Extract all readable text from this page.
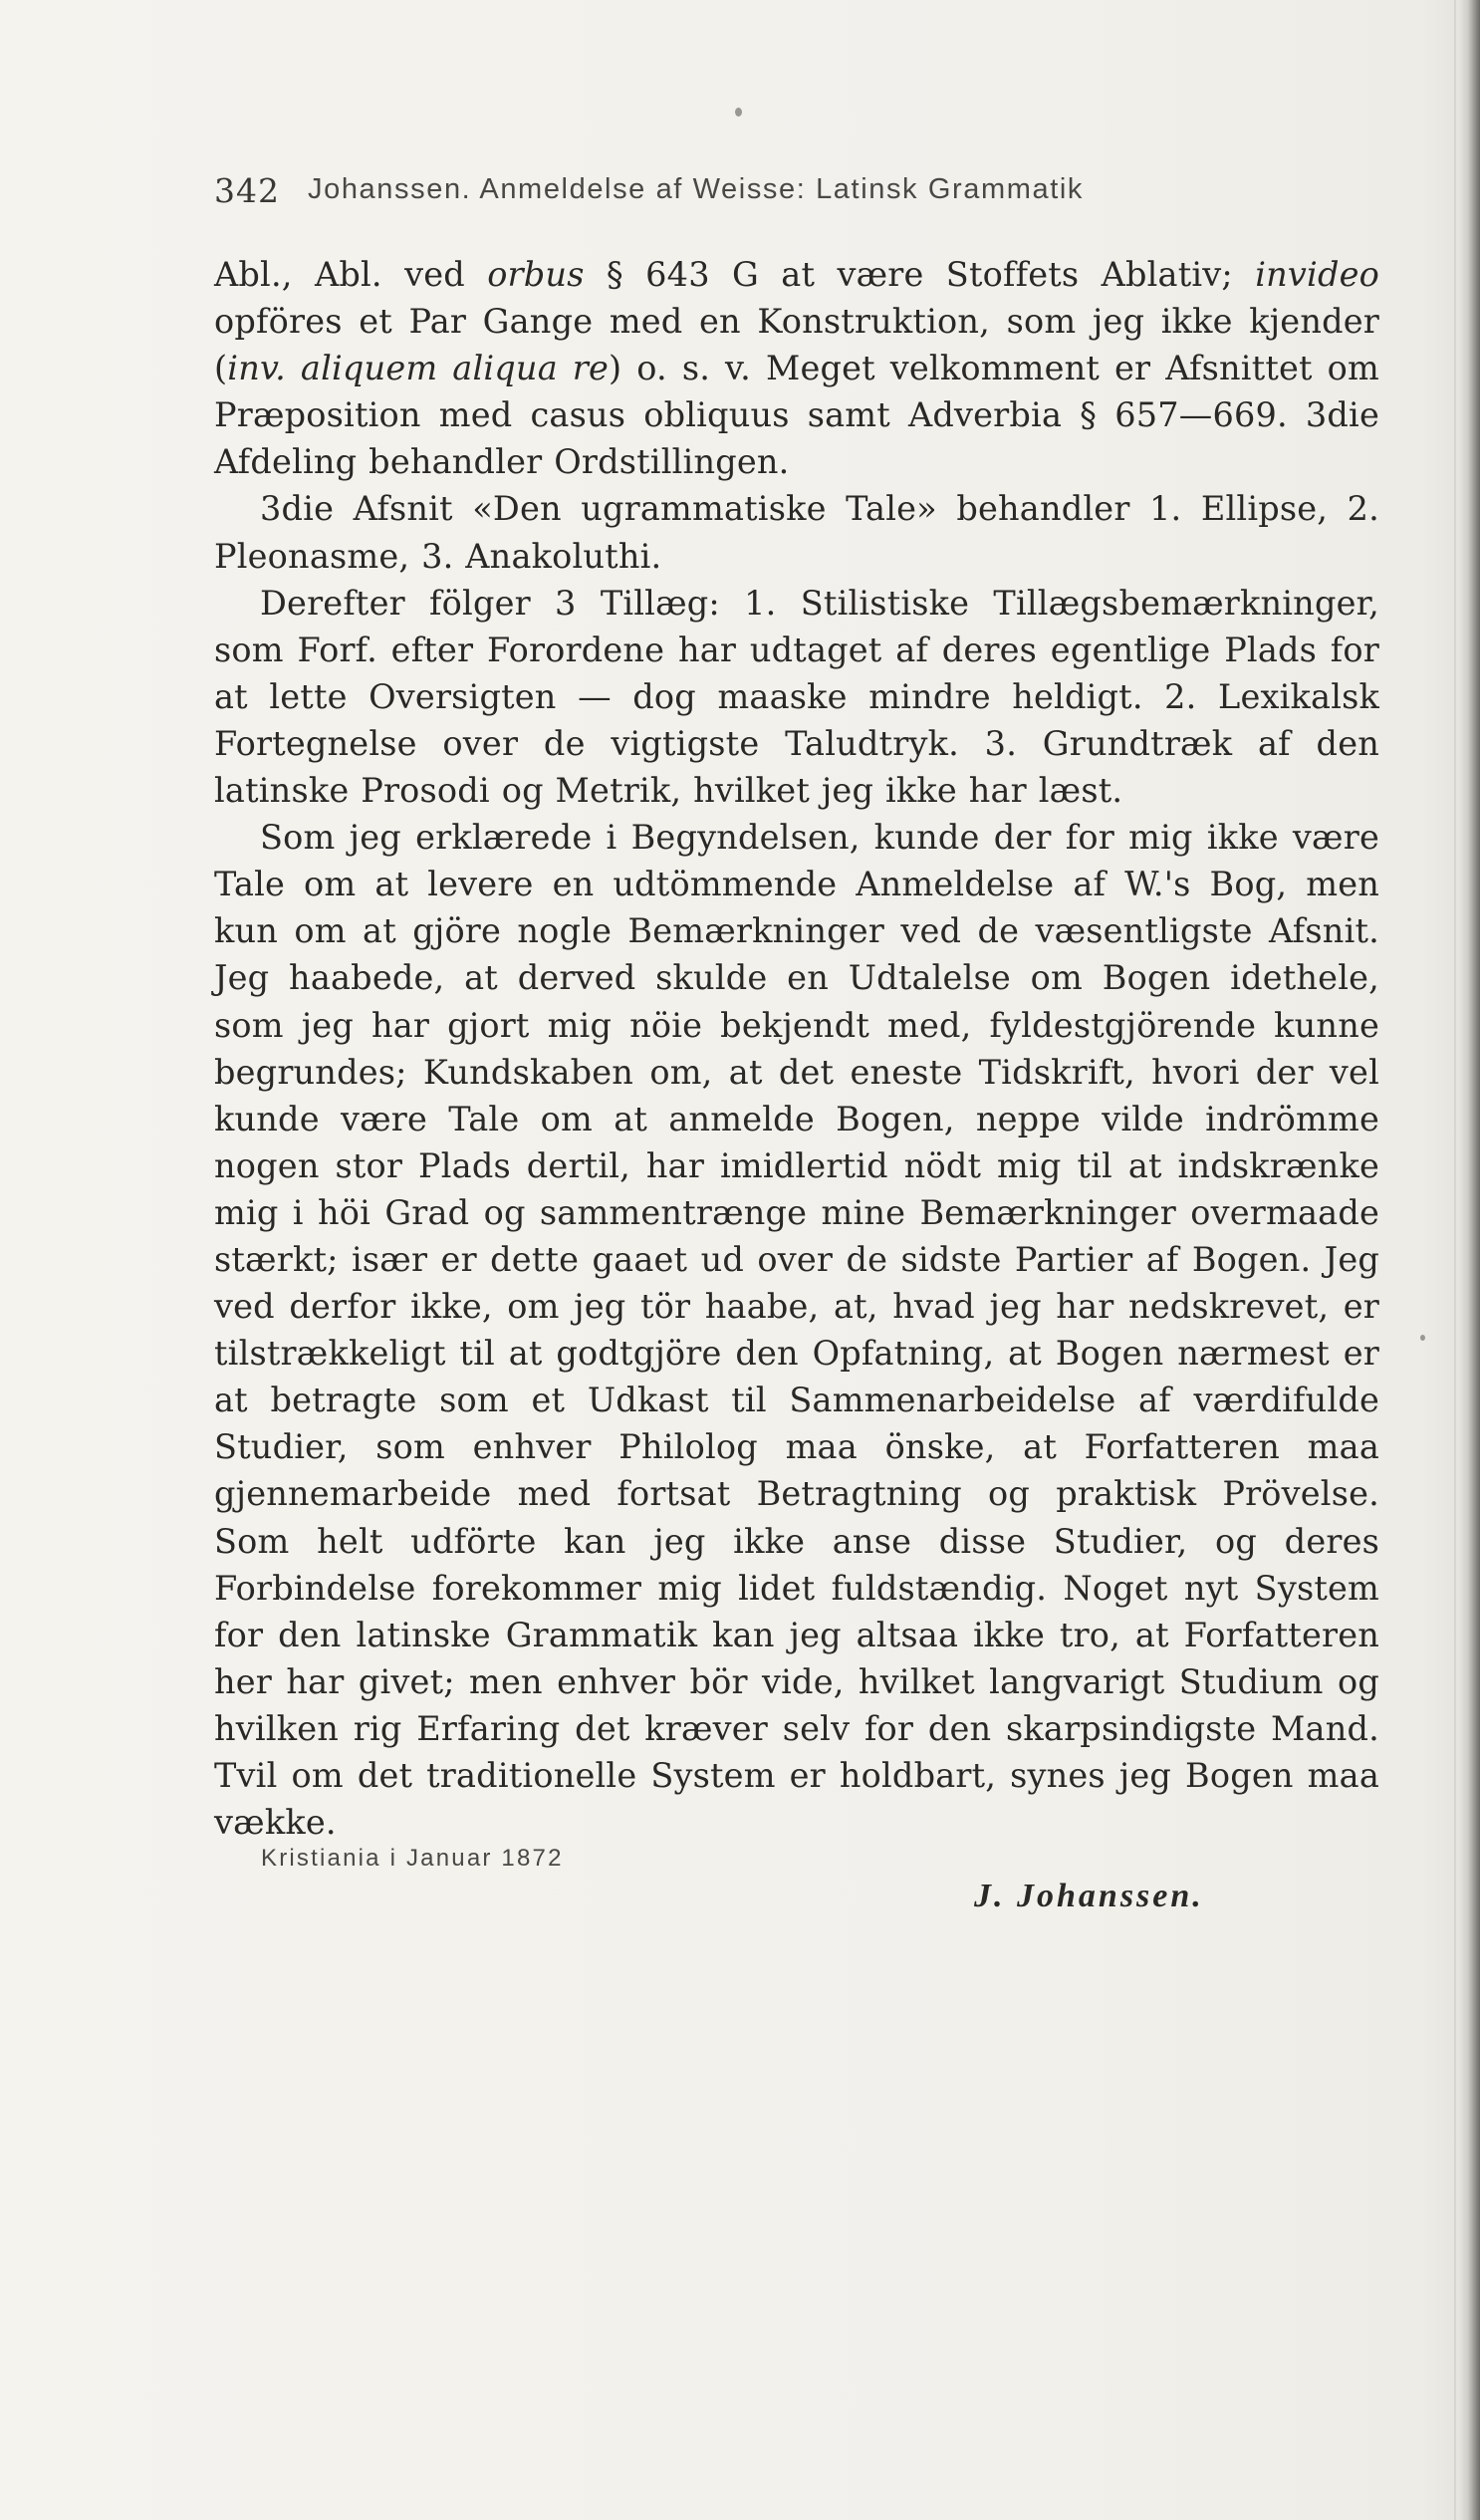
342 Johanssen. Anmeldelse af Weisse: Latinsk Grammatik

Abl., Abl. ved orbus § 643 G at være Stoffets Ablativ; invideo opföres et Par Gange med en Konstruktion, som jeg ikke kjender (inv. aliquem aliqua re) o. s. v. Meget velkomment er Afsnittet om Præposition med casus obliquus samt Adverbia § 657—669. 3die Afdeling behandler Ordstillingen.

3die Afsnit «Den ugrammatiske Tale» behandler 1. Ellipse, 2. Pleonasme, 3. Anakoluthi.

Derefter fölger 3 Tillæg: 1. Stilistiske Tillægsbemærkninger, som Forf. efter Forordene har udtaget af deres egentlige Plads for at lette Oversigten — dog maaske mindre heldigt. 2. Lexikalsk Fortegnelse over de vigtigste Taludtryk. 3. Grundtræk af den latinske Prosodi og Metrik, hvilket jeg ikke har læst.

Som jeg erklærede i Begyndelsen, kunde der for mig ikke være Tale om at levere en udtömmende Anmeldelse af W.'s Bog, men kun om at gjöre nogle Bemærkninger ved de væsentligste Afsnit. Jeg haabede, at derved skulde en Udtalelse om Bogen idethele, som jeg har gjort mig nöie bekjendt med, fyldestgjörende kunne begrundes; Kundskaben om, at det eneste Tidskrift, hvori der vel kunde være Tale om at anmelde Bogen, neppe vilde indrömme nogen stor Plads dertil, har imidlertid nödt mig til at indskrænke mig i höi Grad og sammentrænge mine Bemærkninger overmaade stærkt; især er dette gaaet ud over de sidste Partier af Bogen. Jeg ved derfor ikke, om jeg tör haabe, at, hvad jeg har nedskrevet, er tilstrækkeligt til at godtgjöre den Opfatning, at Bogen nærmest er at betragte som et Udkast til Sammenarbeidelse af værdifulde Studier, som enhver Philolog maa önske, at Forfatteren maa gjennemarbeide med fortsat Betragtning og praktisk Prövelse. Som helt udförte kan jeg ikke anse disse Studier, og deres Forbindelse forekommer mig lidet fuldstændig. Noget nyt System for den latinske Grammatik kan jeg altsaa ikke tro, at Forfatteren her har givet; men enhver bör vide, hvilket langvarigt Studium og hvilken rig Erfaring det kræver selv for den skarpsindigste Mand. Tvil om det traditionelle System er holdbart, synes jeg Bogen maa vække.

Kristiania i Januar 1872
J. Johanssen.
